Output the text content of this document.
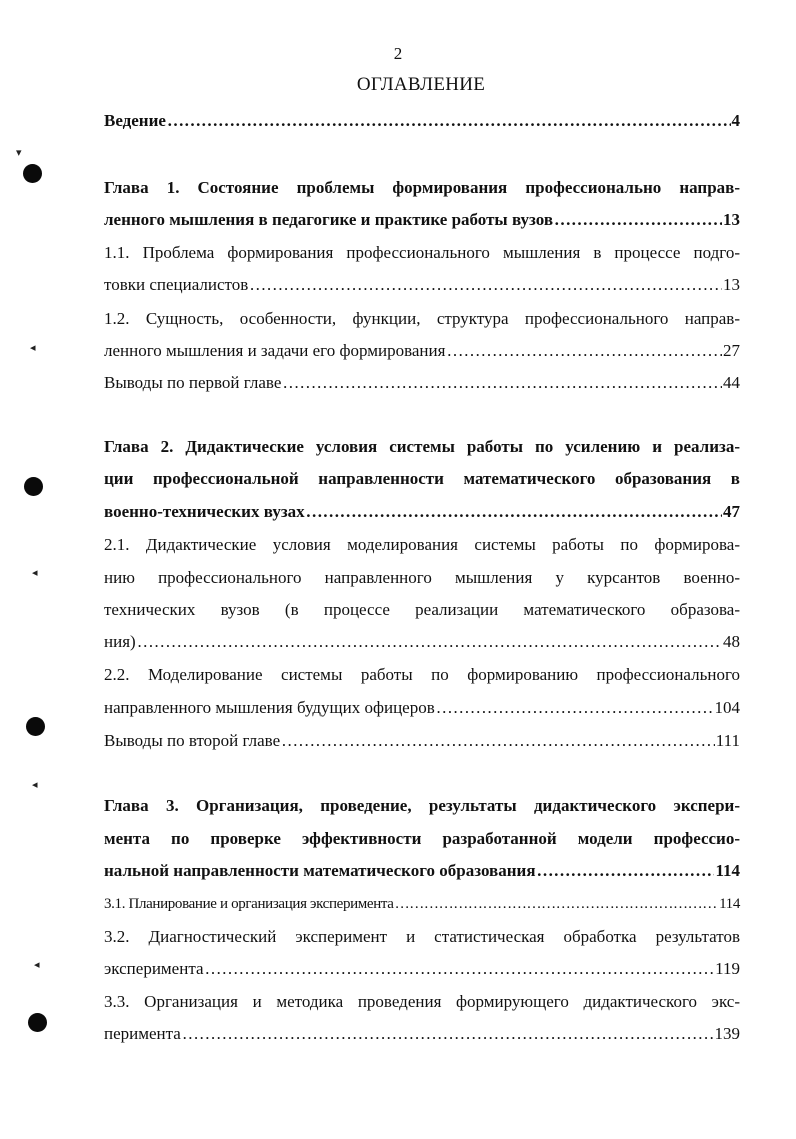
▾
◂
◂
◂
◂
2
ОГЛАВЛЕНИЕ
Ведение ……………………………………………………………………………………………………………………………………………………………………………………………………	4
Глава 1. Состояние проблемы формирования профессионально направ-
ленного мышления в педагогике и практике работы вузов ……………………………………………………………………………………………………………………………………………………………………………………………………	13
1.1. Проблема формирования профессионального мышления в процессе подго-
товки специалистов ……………………………………………………………………………………………………………………………………………………………………………………………………	13
1.2. Сущность, особенности, функции, структура профессионального направ-
ленного мышления и задачи его формирования ……………………………………………………………………………………………………………………………………………………………………………………………………	27
Выводы по первой главе ……………………………………………………………………………………………………………………………………………………………………………………………………	44
Глава 2. Дидактические условия системы работы по усилению и реализа-
ции профессиональной направленности математического образования в
военно-технических вузах ……………………………………………………………………………………………………………………………………………………………………………………………………	47
2.1. Дидактические условия моделирования системы работы по формирова-
нию профессионального направленного мышления у курсантов военно-
технических вузов (в процессе реализации математического образова-
ния) ……………………………………………………………………………………………………………………………………………………………………………………………………	48
2.2. Моделирование системы работы по формированию профессионального
направленного мышления будущих офицеров ……………………………………………………………………………………………………………………………………………………………………………………………………	104
Выводы по второй главе ……………………………………………………………………………………………………………………………………………………………………………………………………	111
Глава 3. Организация, проведение, результаты дидактического экспери-
мента по проверке эффективности разработанной модели профессио-
нальной направленности математического образования ……………………………………………………………………………………………………………………………………………………………………………………………………	114
3.1. Планирование и организация эксперимента ……………………………………………………………………………………………………………………………………………………………………………………………………	114
3.2. Диагностический эксперимент и статистическая обработка результатов
эксперимента ……………………………………………………………………………………………………………………………………………………………………………………………………	119
3.3. Организация и методика проведения формирующего дидактического экс-
перимента ……………………………………………………………………………………………………………………………………………………………………………………………………	139
